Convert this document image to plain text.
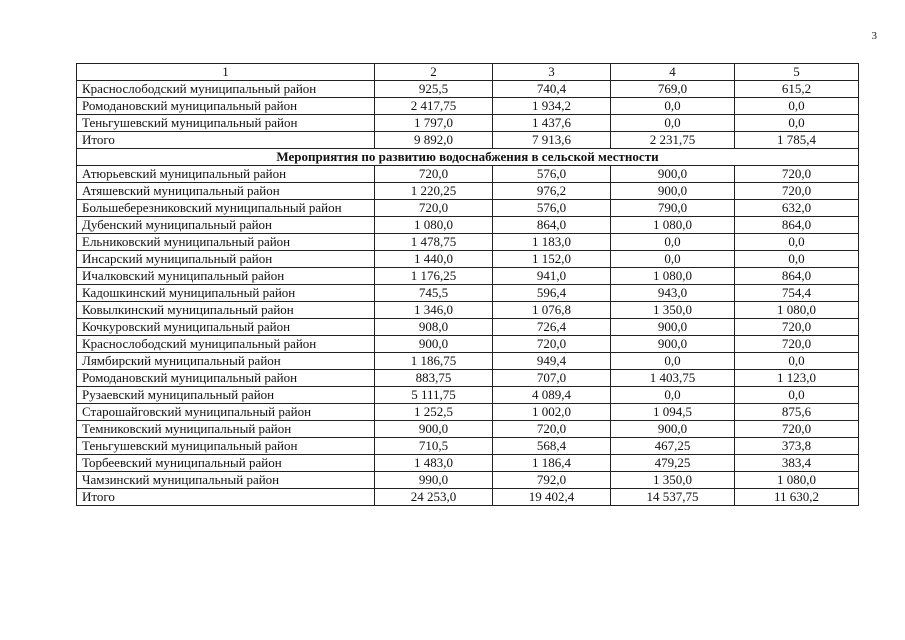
3
1	2	3	4	5
Краснослободский муниципальный район	925,5	740,4	769,0	615,2
Ромодановский муниципальный район	2 417,75	1 934,2	0,0	0,0
Теньгушевский муниципальный район	1 797,0	1 437,6	0,0	0,0
Итого	9 892,0	7 913,6	2 231,75	1 785,4
Мероприятия по развитию водоснабжения в сельской местности				
Атюрьевский муниципальный район	720,0	576,0	900,0	720,0
Атяшевский муниципальный район	1 220,25	976,2	900,0	720,0
Большеберезниковский муниципальный район	720,0	576,0	790,0	632,0
Дубенский муниципальный район	1 080,0	864,0	1 080,0	864,0
Ельниковский муниципальный район	1 478,75	1 183,0	0,0	0,0
Инсарский муниципальный район	1 440,0	1 152,0	0,0	0,0
Ичалковский муниципальный район	1 176,25	941,0	1 080,0	864,0
Кадошкинский муниципальный район	745,5	596,4	943,0	754,4
Ковылкинский муниципальный район	1 346,0	1 076,8	1 350,0	1 080,0
Кочкуровский муниципальный район	908,0	726,4	900,0	720,0
Краснослободский муниципальный район	900,0	720,0	900,0	720,0
Лямбирский муниципальный район	1 186,75	949,4	0,0	0,0
Ромодановский муниципальный район	883,75	707,0	1 403,75	1 123,0
Рузаевский муниципальный район	5 111,75	4 089,4	0,0	0,0
Старошайговский муниципальный район	1 252,5	1 002,0	1 094,5	875,6
Темниковский муниципальный район	900,0	720,0	900,0	720,0
Теньгушевский муниципальный район	710,5	568,4	467,25	373,8
Торбеевский муниципальный район	1 483,0	1 186,4	479,25	383,4
Чамзинский муниципальный район	990,0	792,0	1 350,0	1 080,0
Итого	24 253,0	19 402,4	14 537,75	11 630,2
